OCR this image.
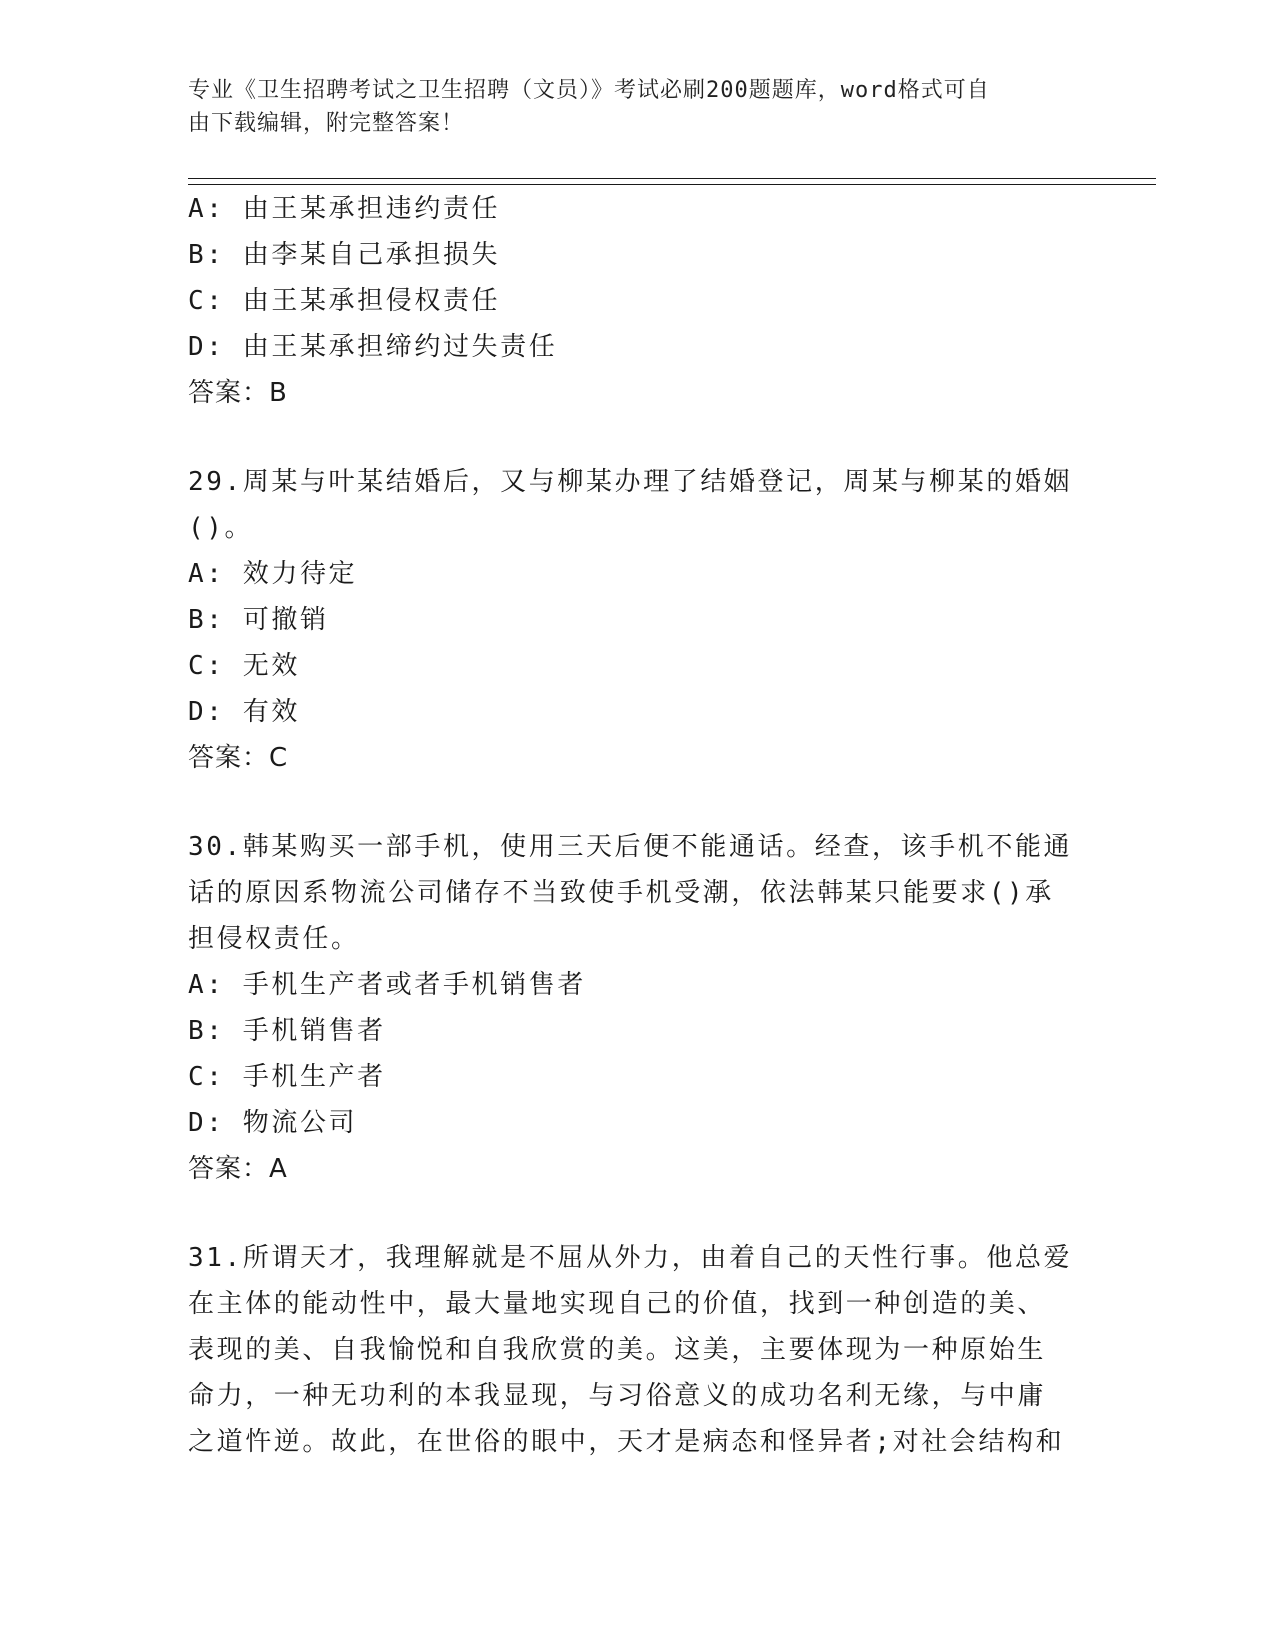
专业《卫生招聘考试之卫生招聘（文员）》考试必刷200题题库，word格式可自
由下载编辑，附完整答案！
A: 由王某承担违约责任
B: 由李某自己承担损失
C: 由王某承担侵权责任
D: 由王某承担缔约过失责任
答案：B
29.周某与叶某结婚后，又与柳某办理了结婚登记，周某与柳某的婚姻
()。
A: 效力待定
B: 可撤销
C: 无效
D: 有效
答案：C
30.韩某购买一部手机，使用三天后便不能通话。经查，该手机不能通
话的原因系物流公司储存不当致使手机受潮，依法韩某只能要求()承
担侵权责任。
A: 手机生产者或者手机销售者
B: 手机销售者
C: 手机生产者
D: 物流公司
答案：A
31.所谓天才，我理解就是不屈从外力，由着自己的天性行事。他总爱
在主体的能动性中，最大量地实现自己的价值，找到一种创造的美、
表现的美、自我愉悦和自我欣赏的美。这美，主要体现为一种原始生
命力，一种无功利的本我显现，与习俗意义的成功名利无缘，与中庸
之道忤逆。故此，在世俗的眼中，天才是病态和怪异者;对社会结构和
